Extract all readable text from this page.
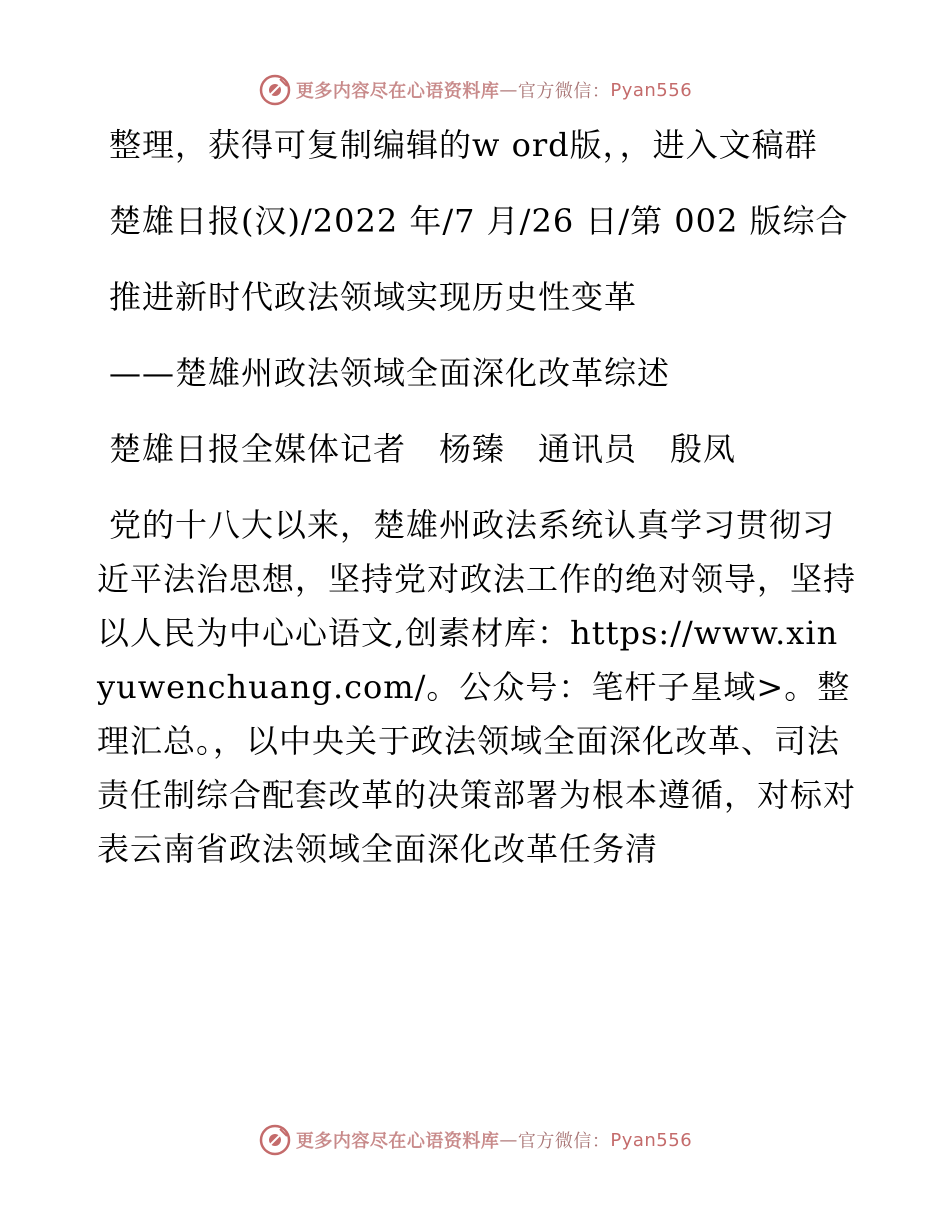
更多内容尽在心语资料库 — 官方微信： Pyan556

整理，获得可复制编辑的w ord版，，进入文稿群

楚雄日报(汉)/2022 年/7 月/26 日/第 002 版综合

推进新时代政法领域实现历史性变革

——楚雄州政法领域全面深化改革综述

楚雄日报全媒体记者　杨臻　通讯员　殷凤

党的十八大以来，楚雄州政法系统认真学习贯彻习近平法治思想，坚持党对政法工作的绝对领导，坚持以人民为中心心语文,创素材库：https://www.xinyuwenchuang.com/。公众号：笔杆子星域>。整理汇总。，以中央关于政法领域全面深化改革、司法责任制综合配套改革的决策部署为根本遵循，对标对表云南省政法领域全面深化改革任务清

更多内容尽在心语资料库 — 官方微信： Pyan556
